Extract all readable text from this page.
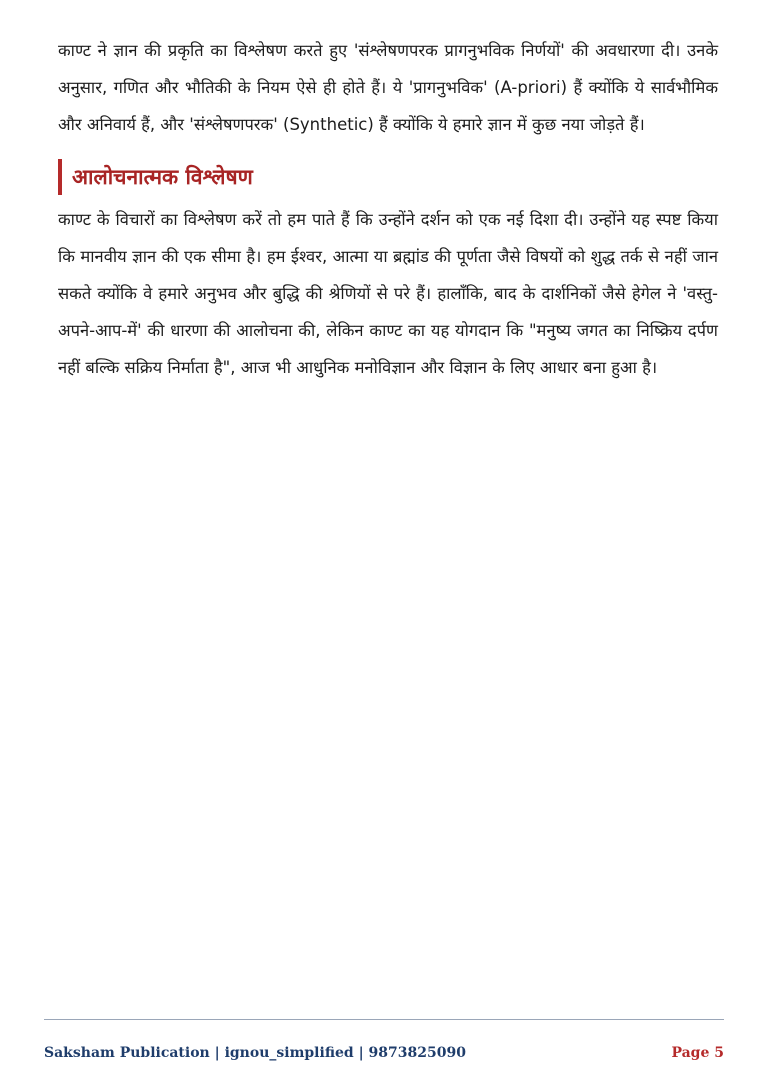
काण्ट ने ज्ञान की प्रकृति का विश्लेषण करते हुए 'संश्लेषणपरक प्रागनुभविक निर्णयों' की अवधारणा दी। उनके अनुसार, गणित और भौतिकी के नियम ऐसे ही होते हैं। ये 'प्रागनुभविक' (A-priori) हैं क्योंकि ये सार्वभौमिक और अनिवार्य हैं, और 'संश्लेषणपरक' (Synthetic) हैं क्योंकि ये हमारे ज्ञान में कुछ नया जोड़ते हैं।

आलोचनात्मक विश्लेषण

काण्ट के विचारों का विश्लेषण करें तो हम पाते हैं कि उन्होंने दर्शन को एक नई दिशा दी। उन्होंने यह स्पष्ट किया कि मानवीय ज्ञान की एक सीमा है। हम ईश्वर, आत्मा या ब्रह्मांड की पूर्णता जैसे विषयों को शुद्ध तर्क से नहीं जान सकते क्योंकि वे हमारे अनुभव और बुद्धि की श्रेणियों से परे हैं। हालाँकि, बाद के दार्शनिकों जैसे हेगेल ने 'वस्तु-अपने-आप-में' की धारणा की आलोचना की, लेकिन काण्ट का यह योगदान कि "मनुष्य जगत का निष्क्रिय दर्पण नहीं बल्कि सक्रिय निर्माता है", आज भी आधुनिक मनोविज्ञान और विज्ञान के लिए आधार बना हुआ है।

Saksham Publication | ignou_simplified | 9873825090	Page 5
